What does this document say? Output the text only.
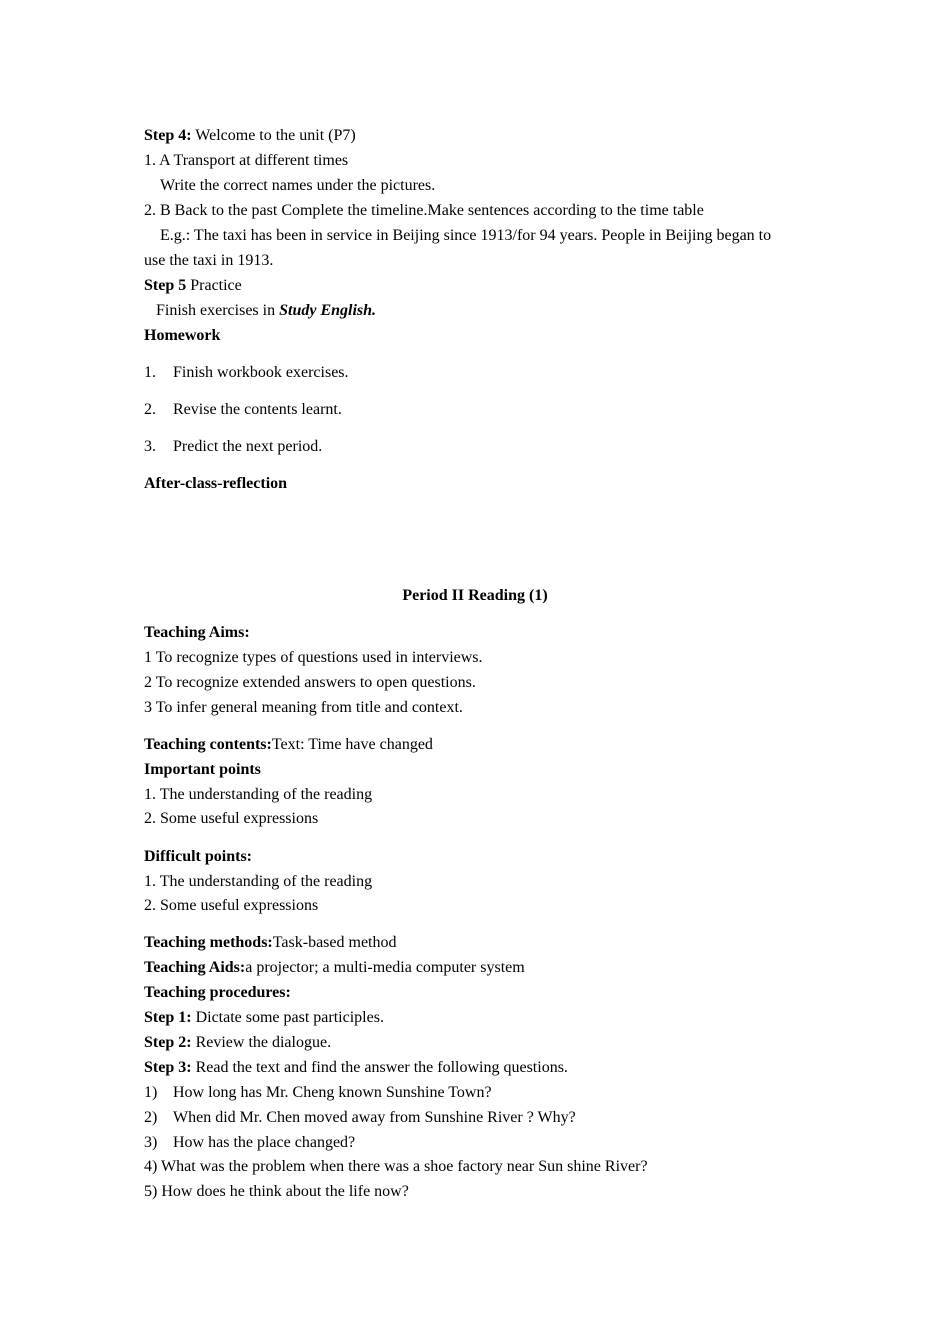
Step 4: Welcome to the unit (P7)
1. A Transport at different times
Write the correct names under the pictures.
2. B Back to the past Complete the timeline.Make sentences according to the time table
E.g.: The taxi has been in service in Beijing since 1913/for 94 years. People in Beijing began to
use the taxi in 1913.
Step 5 Practice
Finish exercises in Study English.
Homework
1. Finish workbook exercises.
2. Revise the contents learnt.
3. Predict the next period.
After-class-reflection
Period II Reading (1)
Teaching Aims:
1 To recognize types of questions used in interviews.
2 To recognize extended answers to open questions.
3 To infer general meaning from title and context.
Teaching contents:Text: Time have changed
Important points
1. The understanding of the reading
2. Some useful expressions
Difficult points:
1. The understanding of the reading
2. Some useful expressions
Teaching methods:Task-based method
Teaching Aids:a projector; a multi-media computer system
Teaching procedures:
Step 1: Dictate some past participles.
Step 2: Review the dialogue.
Step 3: Read the text and find the answer the following questions.
1) How long has Mr. Cheng known Sunshine Town?
2) When did Mr. Chen moved away from Sunshine River ? Why?
3) How has the place changed?
4) What was the problem when there was a shoe factory near Sun shine River?
5) How does he think about the life now?
